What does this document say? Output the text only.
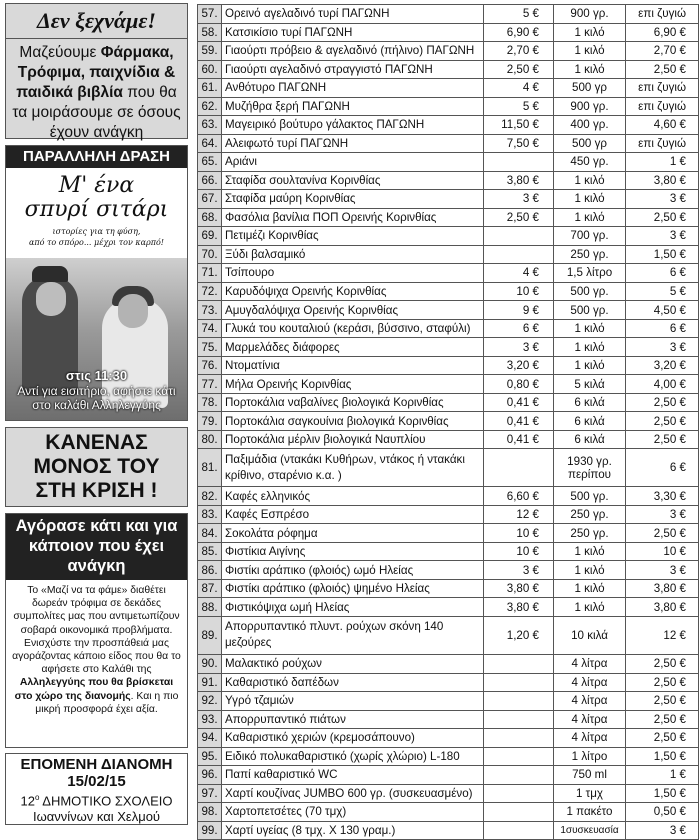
Δεν ξεχνάμε!
Μαζεύουμε Φάρμακα, Τρόφιμα, παιχνίδια & παιδικά βιβλία που θα τα μοιράσουμε σε όσους έχουν ανάγκη
ΠΑΡΑΛΛΗΛΗ ΔΡΑΣΗ
Μ' ένα
σπυρί σιτάρι
ιστορίες για τη φύση,
από το σπόρο... μέχρι τον καρπό!
στις 11:30
Αντί για εισιτήριο, αφήστε κάτι
στο καλάθι Αλληλεγγύης
ΚΑΝΕΝΑΣ
ΜΟΝΟΣ ΤΟΥ
ΣΤΗ ΚΡΙΣΗ !
Αγόρασε κάτι και για κάποιον που έχει ανάγκη
Το «Μαζί να τα φάμε» διαθέτει δωρεάν τρόφιμα σε δεκάδες συμπολίτες μας που αντιμετωπίζουν σοβαρά οικονομικά προβλήματα. Ενισχύστε την προσπάθειά μας αγοράζοντας κάποιο είδος που θα το αφήσετε στο Καλάθι της Αλληλεγγύης που θα βρίσκεται στο χώρο της διανομής. Και η πιο μικρή προσφορά έχει αξία.
ΕΠΟΜΕΝΗ ΔΙΑΝΟΜΗ
15/02/15
$12^o$ ΔΗΜΟΤΙΚΟ ΣΧΟΛΕΙΟ
Ιωαννίνων και Χελμού
57.	Ορεινό αγελαδινό τυρί ΠΑΓΩΝΗ	5 €	900 γρ.	επι ζυγιώ
58.	Κατσικίσιο τυρί ΠΑΓΩΝΗ	6,90 €	1 κιλό	6,90 €
59.	Γιαούρτι πρόβειο & αγελαδινό (πήλινο) ΠΑΓΩΝΗ	2,70 €	1 κιλό	2,70 €
60.	Γιαούρτι αγελαδινό στραγγιστό ΠΑΓΩΝΗ	2,50 €	1 κιλό	2,50 €
61.	Ανθότυρο ΠΑΓΩΝΗ	4 €	500 γρ	επι ζυγιώ
62.	Μυζήθρα ξερή ΠΑΓΩΝΗ	5 €	900 γρ.	επι ζυγιώ
63.	Μαγειρικό βούτυρο γάλακτος ΠΑΓΩΝΗ	11,50 €	400 γρ.	4,60 €
64.	Αλειφωτό τυρί ΠΑΓΩΝΗ	7,50 €	500 γρ	επι ζυγιώ
65.	Αριάνι		450 γρ.	1 €
66.	Σταφίδα σουλτανίνα Κορινθίας	3,80 €	1 κιλό	3,80 €
67.	Σταφίδα μαύρη Κορινθίας	3 €	1 κιλό	3 €
68.	Φασόλια βανίλια ΠΟΠ Ορεινής Κορινθίας	2,50 €	1 κιλό	2,50 €
69.	Πετιμέζι Κορινθίας		700 γρ.	3 €
70.	Ξύδι βαλσαμικό		250 γρ.	1,50 €
71.	Τσίπουρο	4 €	1,5 λίτρο	6 €
72.	Καρυδόψιχα Ορεινής Κορινθίας	10 €	500 γρ.	5 €
73.	Αμυγδαλόψιχα Ορεινής Κορινθίας	9 €	500 γρ.	4,50 €
74.	Γλυκά του κουταλιού (κεράσι, βύσσινο, σταφύλι)	6 €	1 κιλό	6 €
75.	Μαρμελάδες διάφορες	3 €	1 κιλό	3 €
76.	Ντοματίνια	3,20 €	1 κιλό	3,20 €
77.	Μήλα Ορεινής Κορινθίας	0,80 €	5 κιλά	4,00 €
78.	Πορτοκάλια ναβαλίνες βιολογικά Κορινθίας	0,41 €	6 κιλά	2,50 €
79.	Πορτοκάλια σαγκουίνια βιολογικά Κορινθίας	0,41 €	6 κιλά	2,50 €
80.	Πορτοκάλια μέρλιν βιολογικά Ναυπλίου	0,41 €	6 κιλά	2,50 €
81.	Παξιμάδια (ντακάκι Κυθήρων, ντάκος ή ντακάκι κρίθινο, σταρένιο κ.α. )		1930 γρ. περίπου	6 €
82.	Καφές ελληνικός	6,60 €	500 γρ.	3,30 €
83.	Καφές Εσπρέσο	12 €	250 γρ.	3 €
84.	Σοκολάτα ρόφημα	10 €	250 γρ.	2,50 €
85.	Φιστίκια Αιγίνης	10 €	1 κιλό	10 €
86.	Φιστίκι αράπικο (φλοιός) ωμό Ηλείας	3 €	1 κιλό	3 €
87.	Φιστίκι αράπικο (φλοιός) ψημένο Ηλείας	3,80 €	1 κιλό	3,80 €
88.	Φιστικόψιχα ωμή Ηλείας	3,80 €	1 κιλό	3,80 €
89.	Απορρυπαντικό πλυντ. ρούχων σκόνη 140 μεζούρες	1,20 €	10 κιλά	12 €
90.	Μαλακτικό ρούχων		4 λίτρα	2,50 €
91.	Καθαριστικό δαπέδων		4 λίτρα	2,50 €
92.	Υγρό τζαμιών		4 λίτρα	2,50 €
93.	Απορρυπαντικό πιάτων		4 λίτρα	2,50 €
94.	Καθαριστικό χεριών (κρεμοσάπουνο)		4 λίτρα	2,50 €
95.	Ειδικό πολυκαθαριστικό (χωρίς χλώριο) L-180		1 λίτρο	1,50 €
96.	Παπί καθαριστικό WC		750 ml	1 €
97.	Χαρτί κουζίνας JUMBO 600 γρ. (συσκευασμένο)		1 τμχ	1,50 €
98.	Χαρτοπετσέτες (70 τμχ)		1 πακέτο	0,50 €
99.	Χαρτί υγείας (8 τμχ. Χ 130 γραμ.)		1συσκευασία	3 €
